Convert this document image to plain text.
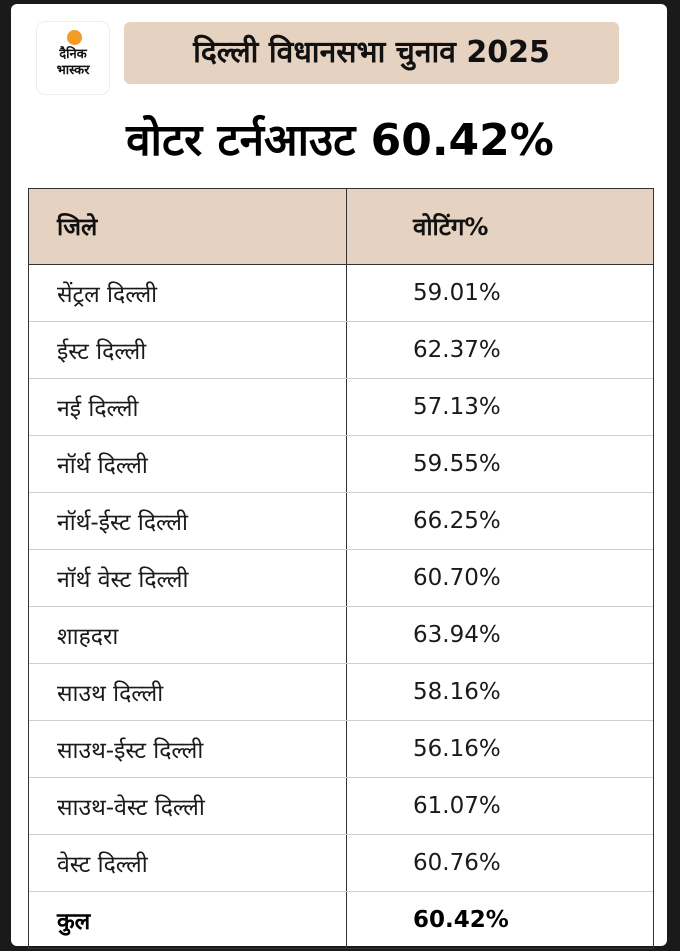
दैनिक
भास्कर
दिल्ली विधानसभा चुनाव 2025
वोटर टर्नआउट 60.42%
जिले	वोटिंग%
सेंट्रल दिल्ली	59.01%
ईस्ट दिल्ली	62.37%
नई दिल्ली	57.13%
नॉर्थ दिल्ली	59.55%
नॉर्थ-ईस्ट दिल्ली	66.25%
नॉर्थ वेस्ट दिल्ली	60.70%
शाहदरा	63.94%
साउथ दिल्ली	58.16%
साउथ-ईस्ट दिल्ली	56.16%
साउथ-वेस्ट दिल्ली	61.07%
वेस्ट दिल्ली	60.76%
कुल	60.42%
